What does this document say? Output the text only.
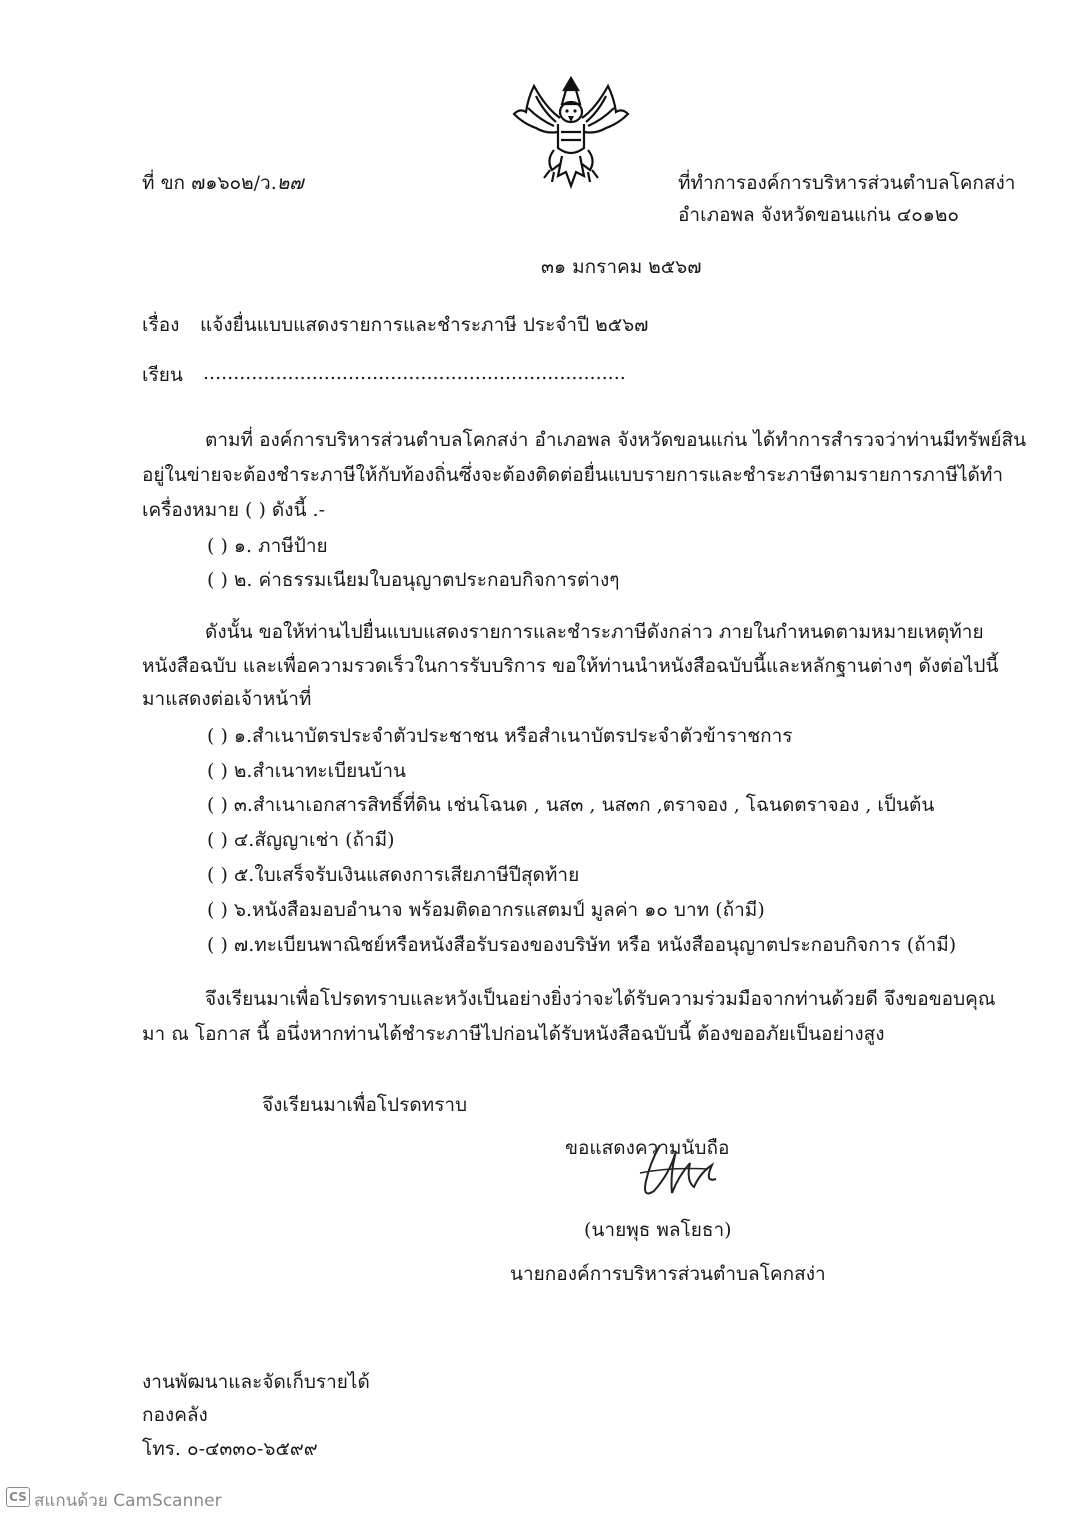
ที่ ขก ๗๑๖๐๒/ว.๒๗	ที่ทำการองค์การบริหารส่วนตำบลโคกสง่า
อำเภอพล จังหวัดขอนแก่น ๔๐๑๒๐
๓๑ มกราคม ๒๕๖๗
เรื่อง แจ้งยื่นแบบแสดงรายการและชำระภาษี ประจำปี ๒๕๖๗
เรียน ......................................................................
ตามที่ องค์การบริหารส่วนตำบลโคกสง่า อำเภอพล จังหวัดขอนแก่น ได้ทำการสำรวจว่าท่านมีทรัพย์สิน
อยู่ในข่ายจะต้องชำระภาษีให้กับท้องถิ่นซึ่งจะต้องติดต่อยื่นแบบรายการและชำระภาษีตามรายการภาษีได้ทำ
เครื่องหมาย ( ) ดังนี้ .-
( ) ๑. ภาษีป้าย
( ) ๒. ค่าธรรมเนียมใบอนุญาตประกอบกิจการต่างๆ
ดังนั้น ขอให้ท่านไปยื่นแบบแสดงรายการและชำระภาษีดังกล่าว ภายในกำหนดตามหมายเหตุท้าย
หนังสือฉบับ และเพื่อความรวดเร็วในการรับบริการ ขอให้ท่านนำหนังสือฉบับนี้และหลักฐานต่างๆ ดังต่อไปนี้
มาแสดงต่อเจ้าหน้าที่
( ) ๑.สำเนาบัตรประจำตัวประชาชน หรือสำเนาบัตรประจำตัวข้าราชการ
( ) ๒.สำเนาทะเบียนบ้าน
( ) ๓.สำเนาเอกสารสิทธิ์ที่ดิน เช่นโฉนด , นส๓ , นส๓ก ,ตราจอง , โฉนดตราจอง , เป็นต้น
( ) ๔.สัญญาเช่า (ถ้ามี)
( ) ๕.ใบเสร็จรับเงินแสดงการเสียภาษีปีสุดท้าย
( ) ๖.หนังสือมอบอำนาจ พร้อมติดอากรแสตมป์ มูลค่า ๑๐ บาท (ถ้ามี)
( ) ๗.ทะเบียนพาณิชย์หรือหนังสือรับรองของบริษัท หรือ หนังสืออนุญาตประกอบกิจการ (ถ้ามี)
จึงเรียนมาเพื่อโปรดทราบและหวังเป็นอย่างยิ่งว่าจะได้รับความร่วมมือจากท่านด้วยดี จึงขอขอบคุณ
มา ณ โอกาส นี้ อนึ่งหากท่านได้ชำระภาษีไปก่อนได้รับหนังสือฉบับนี้ ต้องขออภัยเป็นอย่างสูง
จึงเรียนมาเพื่อโปรดทราบ
ขอแสดงความนับถือ
(นายพุธ พลโยธา)
นายกองค์การบริหารส่วนตำบลโคกสง่า
งานพัฒนาและจัดเก็บรายได้
กองคลัง
โทร. ๐-๔๓๓๐-๖๕๙๙
CS สแกนด้วย CamScanner
